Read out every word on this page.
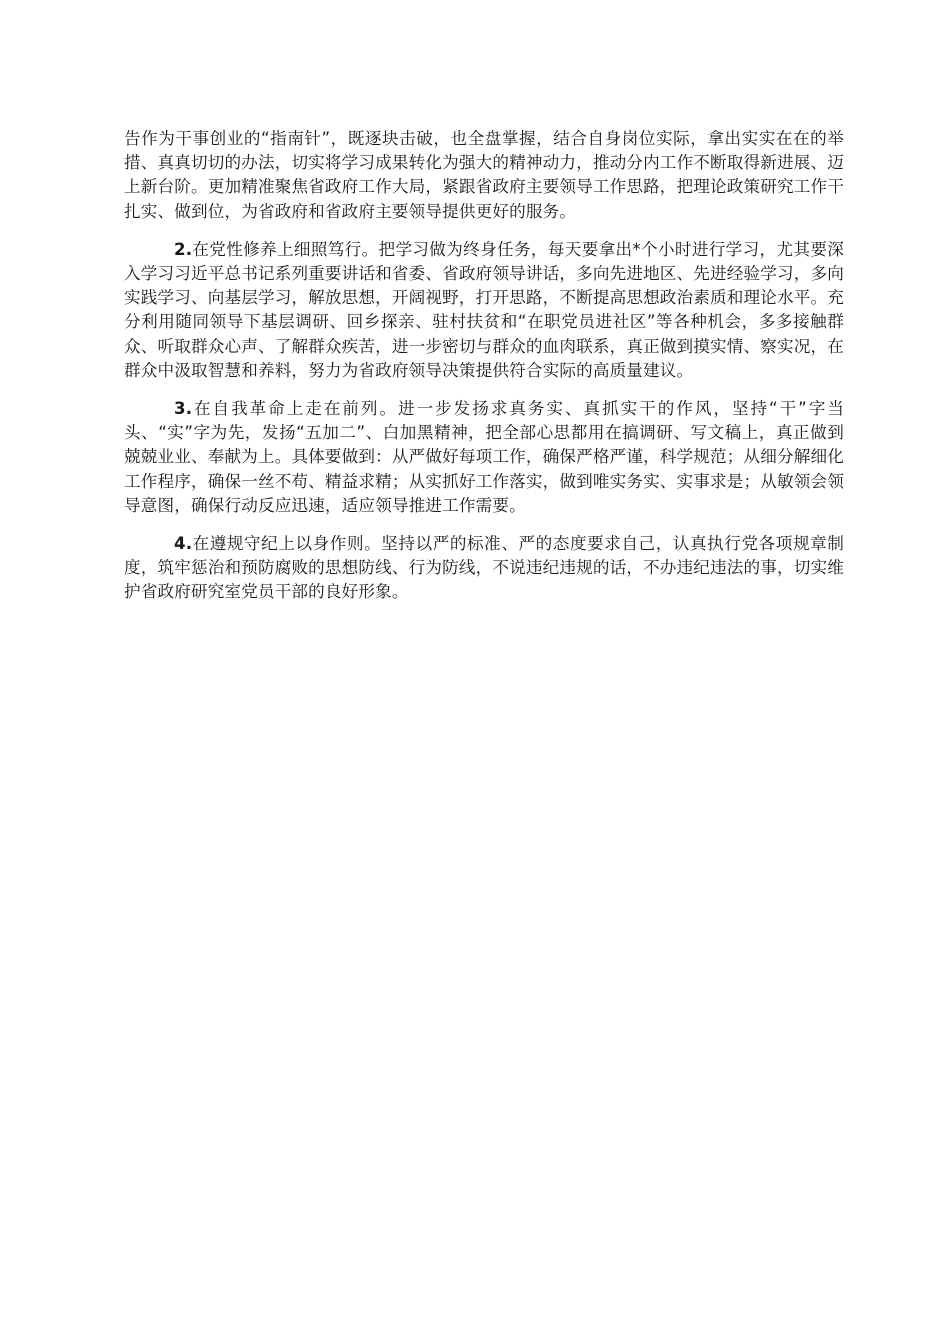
告作为干事创业的“指南针”，既逐块击破，也全盘掌握，结合自身岗位实际，拿出实实在在的举措、真真切切的办法，切实将学习成果转化为强大的精神动力，推动分内工作不断取得新进展、迈上新台阶。更加精准聚焦省政府工作大局，紧跟省政府主要领导工作思路，把理论政策研究工作干扎实、做到位，为省政府和省政府主要领导提供更好的服务。

2.在党性修养上细照笃行。把学习做为终身任务，每天要拿出*个小时进行学习，尤其要深入学习习近平总书记系列重要讲话和省委、省政府领导讲话，多向先进地区、先进经验学习，多向实践学习、向基层学习，解放思想，开阔视野，打开思路，不断提高思想政治素质和理论水平。充分利用随同领导下基层调研、回乡探亲、驻村扶贫和“在职党员进社区”等各种机会，多多接触群众、听取群众心声、了解群众疾苦，进一步密切与群众的血肉联系，真正做到摸实情、察实况，在群众中汲取智慧和养料，努力为省政府领导决策提供符合实际的高质量建议。

3.在自我革命上走在前列。进一步发扬求真务实、真抓实干的作风，坚持“干”字当头、“实”字为先，发扬“五加二”、白加黑精神，把全部心思都用在搞调研、写文稿上，真正做到兢兢业业、奉献为上。具体要做到：从严做好每项工作，确保严格严谨，科学规范；从细分解细化工作程序，确保一丝不苟、精益求精；从实抓好工作落实，做到唯实务实、实事求是；从敏领会领导意图，确保行动反应迅速，适应领导推进工作需要。

4.在遵规守纪上以身作则。坚持以严的标准、严的态度要求自己，认真执行党各项规章制度，筑牢惩治和预防腐败的思想防线、行为防线，不说违纪违规的话，不办违纪违法的事，切实维护省政府研究室党员干部的良好形象。
